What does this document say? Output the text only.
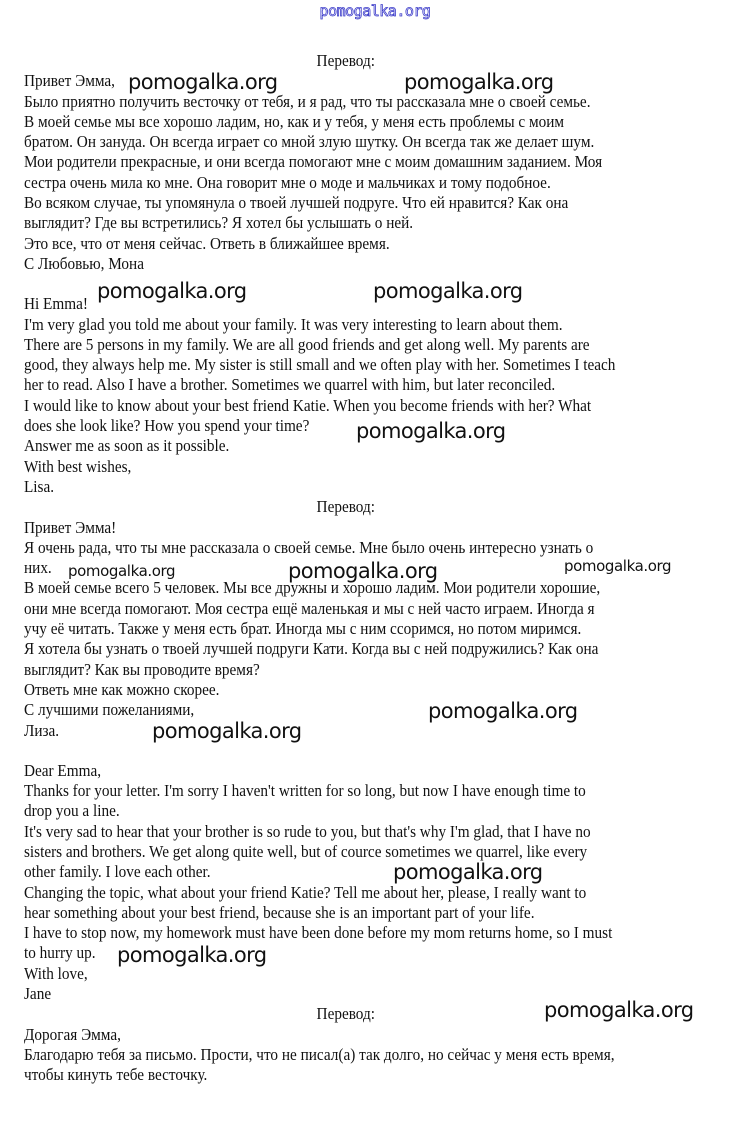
pomogalka.org
Перевод:
Привет Эмма,
Было приятно получить весточку от тебя, и я рад, что ты рассказала мне о своей семье.
В моей семье мы все хорошо ладим, но, как и у тебя, у меня есть проблемы с моим
братом. Он зануда. Он всегда играет со мной злую шутку. Он всегда так же делает шум.
Мои родители прекрасные, и они всегда помогают мне с моим домашним заданием. Моя
сестра очень мила ко мне. Она говорит мне о моде и мальчиках и тому подобное.
Во всяком случае, ты упомянула о твоей лучшей подруге. Что ей нравится? Как она
выглядит? Где вы встретились? Я хотел бы услышать о ней.
Это все, что от меня сейчас. Ответь в ближайшее время.
С Любовью, Мона
Hi Emma!
I'm very glad you told me about your family. It was very interesting to learn about them.
There are 5 persons in my family. We are all good friends and get along well. My parents are
good, they always help me. My sister is still small and we often play with her. Sometimes I teach
her to read. Also I have a brother. Sometimes we quarrel with him, but later reconciled.
I would like to know about your best friend Katie. When you become friends with her? What
does she look like? How you spend your time?
Answer me as soon as it possible.
With best wishes,
Lisa.
Перевод:
Привет Эмма!
Я очень рада, что ты мне рассказала о своей семье. Мне было очень интересно узнать о
них.
В моей семье всего 5 человек. Мы все дружны и хорошо ладим. Мои родители хорошие,
они мне всегда помогают. Моя сестра ещё маленькая и мы с ней часто играем. Иногда я
учу её читать. Также у меня есть брат. Иногда мы с ним ссоримся, но потом миримся.
Я хотела бы узнать о твоей лучшей подруги Кати. Когда вы с ней подружились? Как она
выглядит? Как вы проводите время?
Ответь мне как можно скорее.
С лучшими пожеланиями,
Лиза.
Dear Emma,
Thanks for your letter. I'm sorry I haven't written for so long, but now I have enough time to
drop you a line.
It's very sad to hear that your brother is so rude to you, but that's why I'm glad, that I have no
sisters and brothers. We get along quite well, but of cource sometimes we quarrel, like every
other family. I love each other.
Changing the topic, what about your friend Katie? Tell me about her, please, I really want to
hear something about your best friend, because she is an important part of your life.
I have to stop now, my homework must have been done before my mom returns home, so I must
to hurry up.
With love,
Jane
Перевод:
Дорогая Эмма,
Благодарю тебя за письмо. Прости, что не писал(а) так долго, но сейчас у меня есть время,
чтобы кинуть тебе весточку.
pomogalka.org	pomogalka.org
pomogalka.org	pomogalka.org
pomogalka.org
pomogalka.org	pomogalka.org	pomogalka.org
pomogalka.org
pomogalka.org
pomogalka.org
pomogalka.org
pomogalka.org
